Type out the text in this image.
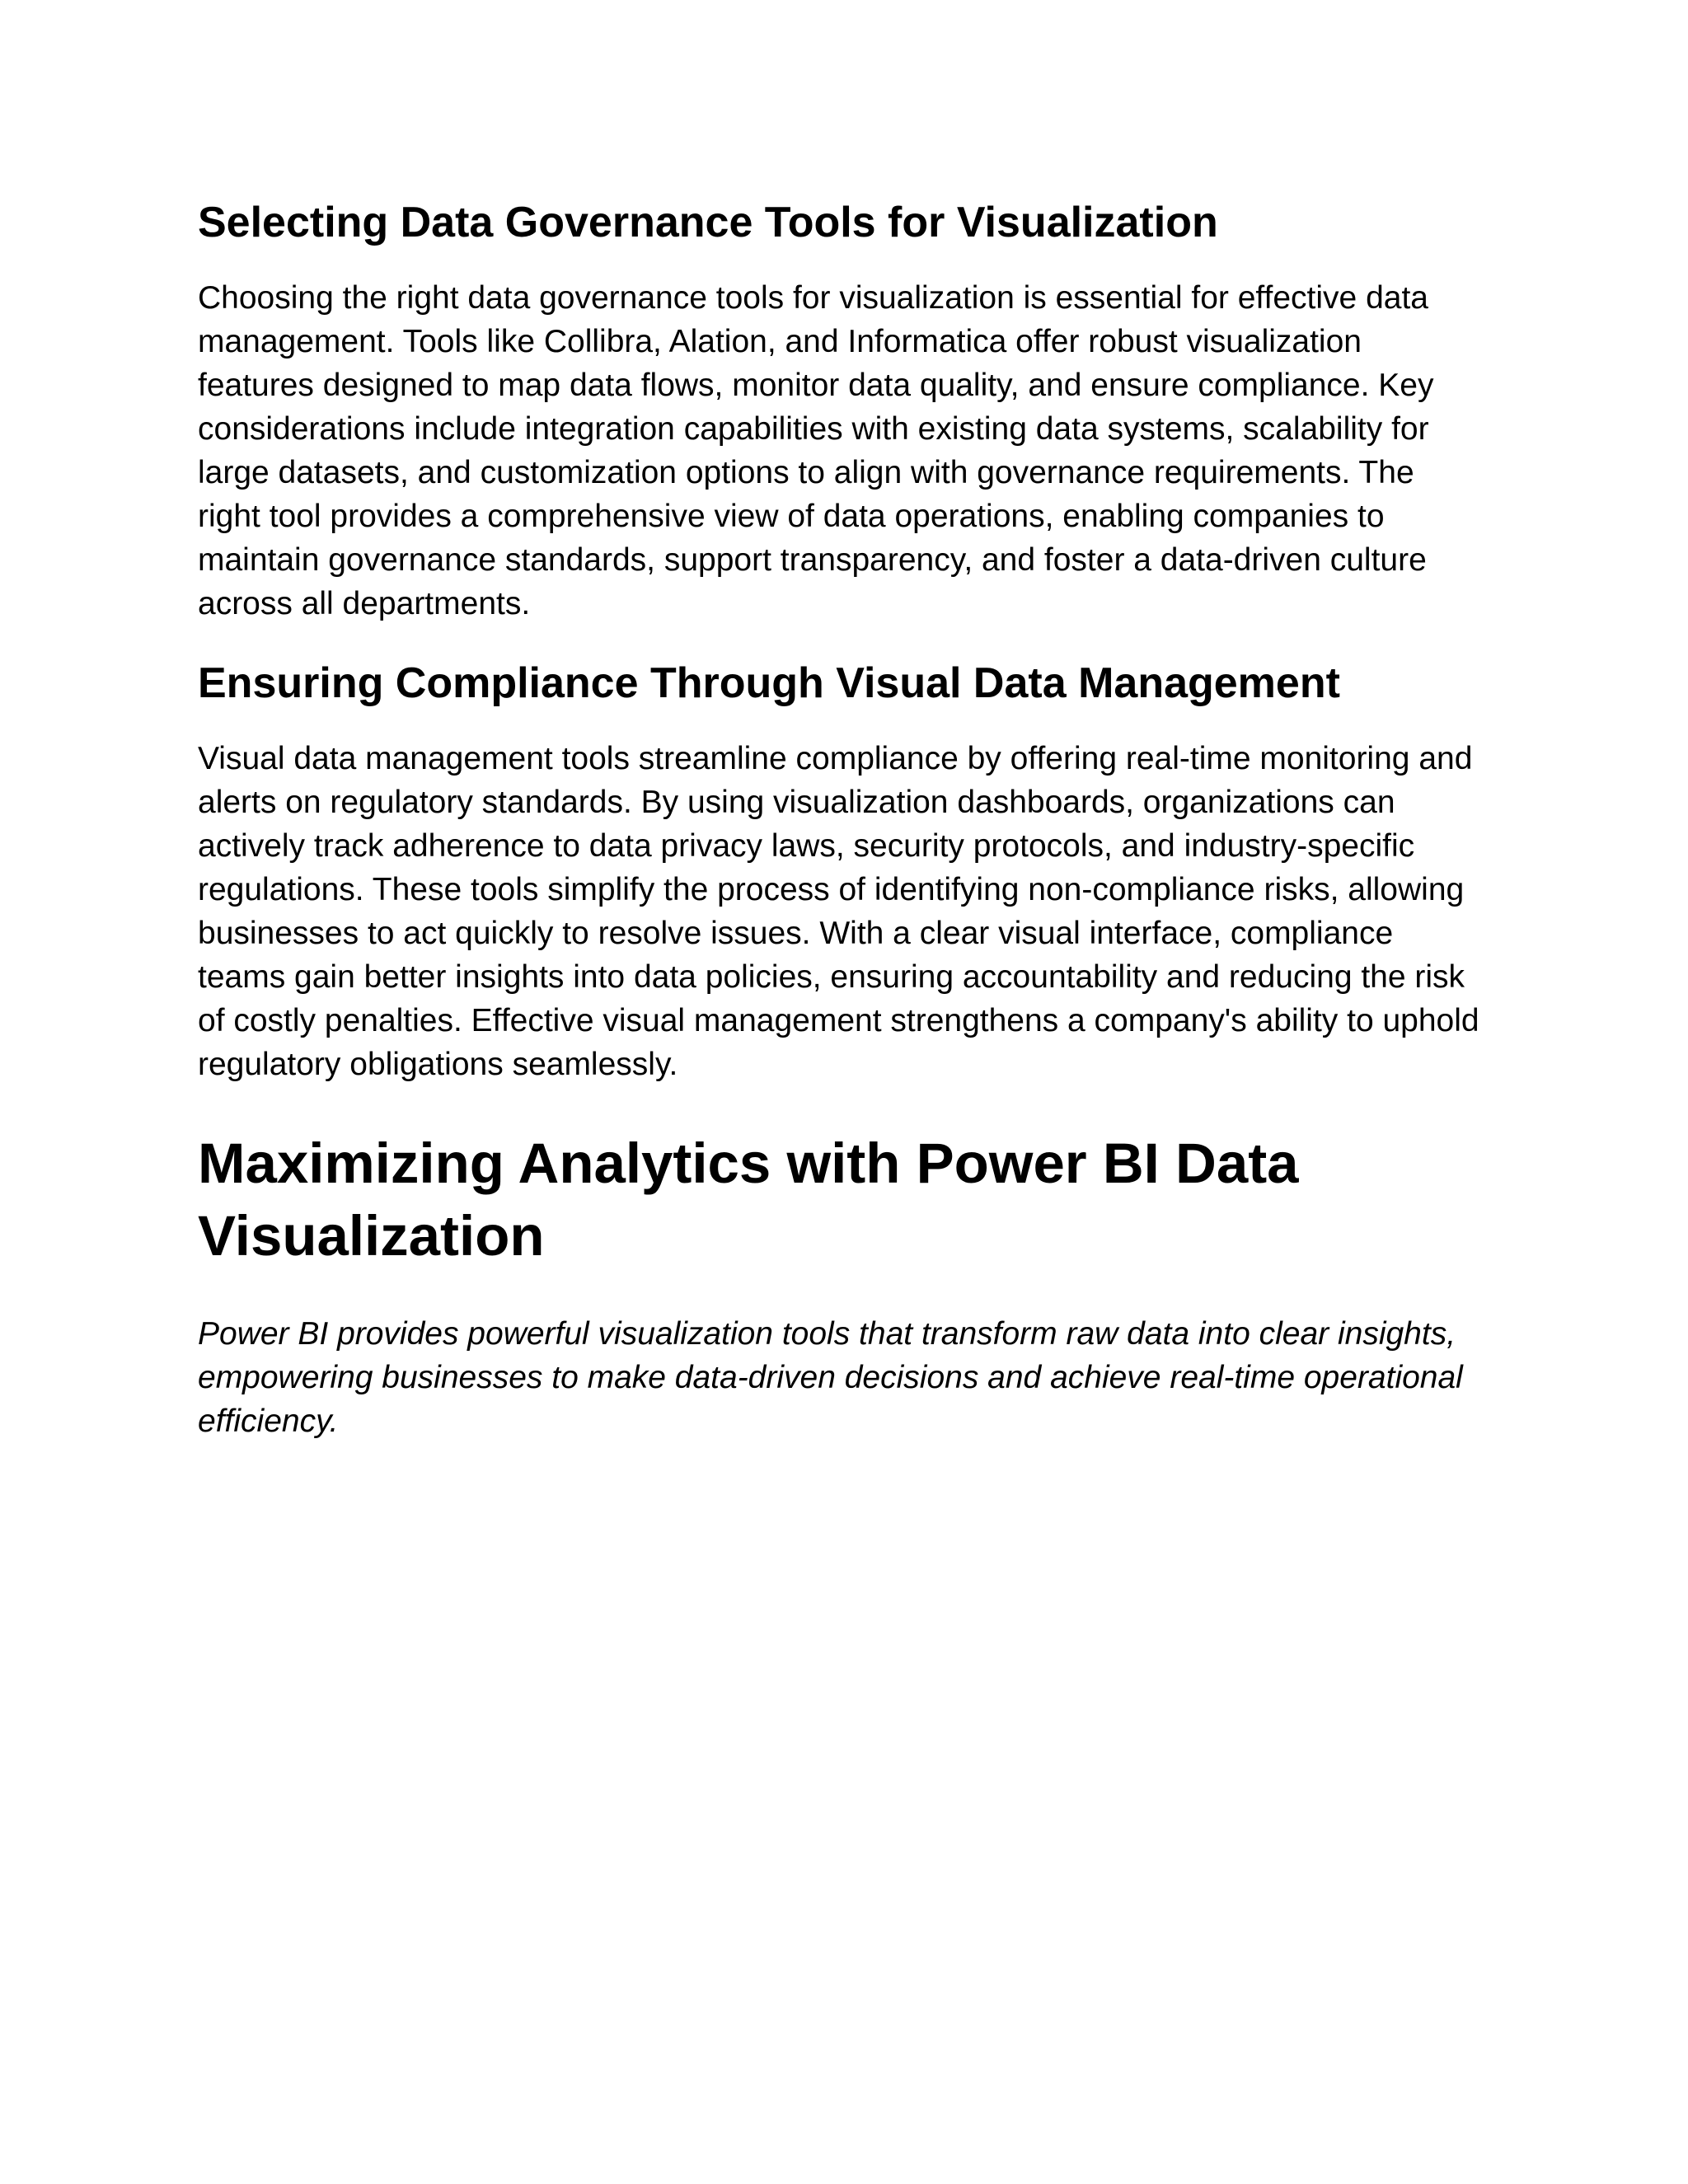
Selecting Data Governance Tools for Visualization

Choosing the right data governance tools for visualization is essential for effective data management. Tools like Collibra, Alation, and Informatica offer robust visualization features designed to map data flows, monitor data quality, and ensure compliance. Key considerations include integration capabilities with existing data systems, scalability for large datasets, and customization options to align with governance requirements. The right tool provides a comprehensive view of data operations, enabling companies to maintain governance standards, support transparency, and foster a data-driven culture across all departments.

Ensuring Compliance Through Visual Data Management

Visual data management tools streamline compliance by offering real-time monitoring and alerts on regulatory standards. By using visualization dashboards, organizations can actively track adherence to data privacy laws, security protocols, and industry-specific regulations. These tools simplify the process of identifying non-compliance risks, allowing businesses to act quickly to resolve issues. With a clear visual interface, compliance teams gain better insights into data policies, ensuring accountability and reducing the risk of costly penalties. Effective visual management strengthens a company's ability to uphold regulatory obligations seamlessly.

Maximizing Analytics with Power BI Data Visualization

Power BI provides powerful visualization tools that transform raw data into clear insights, empowering businesses to make data-driven decisions and achieve real-time operational efficiency.
